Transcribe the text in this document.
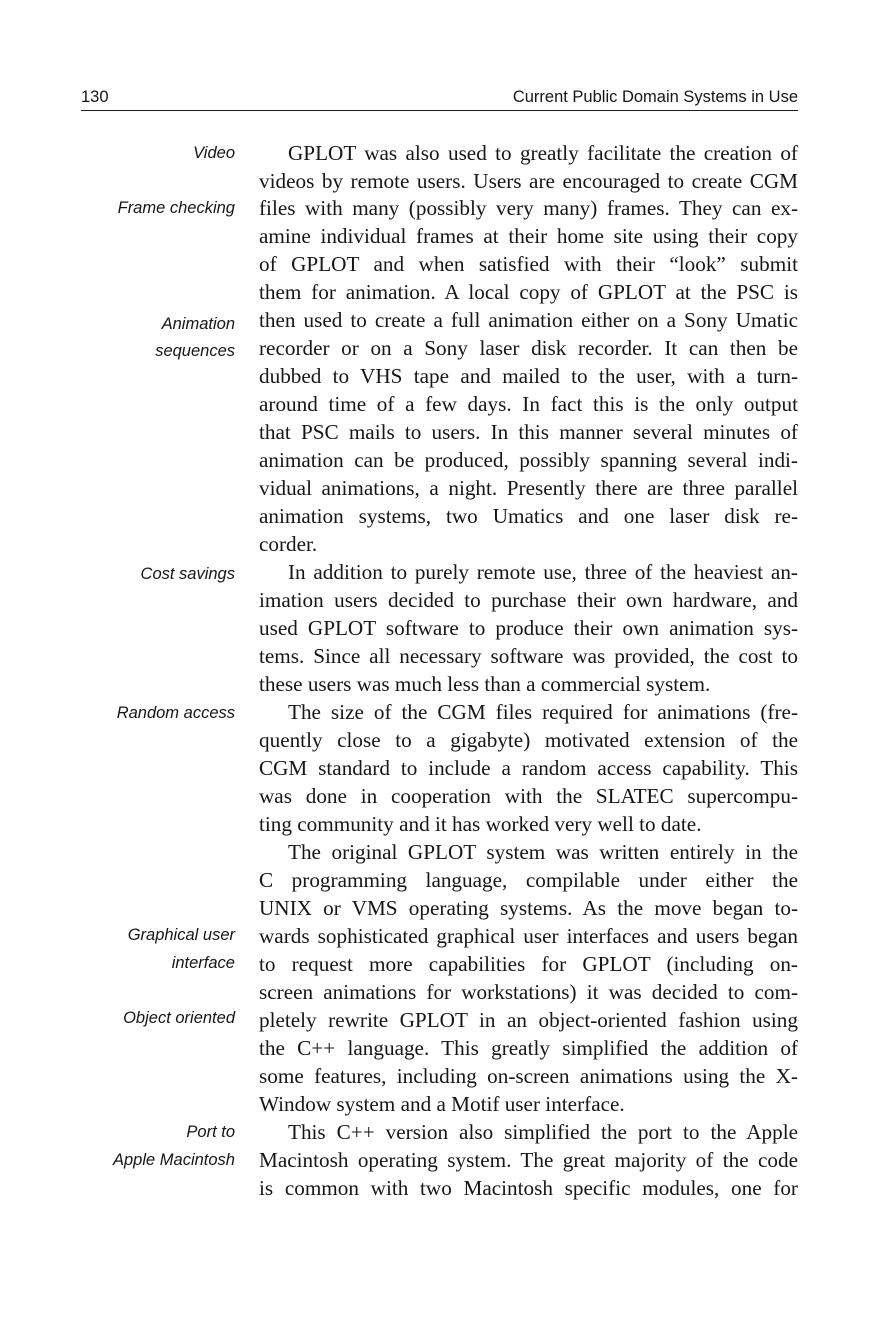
130	Current Public Domain Systems in Use
Video
Frame checking
Animation
sequences
Cost savings
Random access
Graphical user
interface
Object oriented
Port to
Apple Macintosh
GPLOT was also used to greatly facilitate the creation of
videos by remote users. Users are encouraged to create CGM
files with many (possibly very many) frames. They can ex-
amine individual frames at their home site using their copy
of GPLOT and when satisfied with their “look” submit
them for animation. A local copy of GPLOT at the PSC is
then used to create a full animation either on a Sony Umatic
recorder or on a Sony laser disk recorder. It can then be
dubbed to VHS tape and mailed to the user, with a turn-
around time of a few days. In fact this is the only output
that PSC mails to users. In this manner several minutes of
animation can be produced, possibly spanning several indi-
vidual animations, a night. Presently there are three parallel
animation systems, two Umatics and one laser disk re-
corder.
In addition to purely remote use, three of the heaviest an-
imation users decided to purchase their own hardware, and
used GPLOT software to produce their own animation sys-
tems. Since all necessary software was provided, the cost to
these users was much less than a commercial system.
The size of the CGM files required for animations (fre-
quently close to a gigabyte) motivated extension of the
CGM standard to include a random access capability. This
was done in cooperation with the SLATEC supercompu-
ting community and it has worked very well to date.
The original GPLOT system was written entirely in the
C programming language, compilable under either the
UNIX or VMS operating systems. As the move began to-
wards sophisticated graphical user interfaces and users began
to request more capabilities for GPLOT (including on-
screen animations for workstations) it was decided to com-
pletely rewrite GPLOT in an object-oriented fashion using
the C++ language. This greatly simplified the addition of
some features, including on-screen animations using the X-
Window system and a Motif user interface.
This C++ version also simplified the port to the Apple
Macintosh operating system. The great majority of the code
is common with two Macintosh specific modules, one for
